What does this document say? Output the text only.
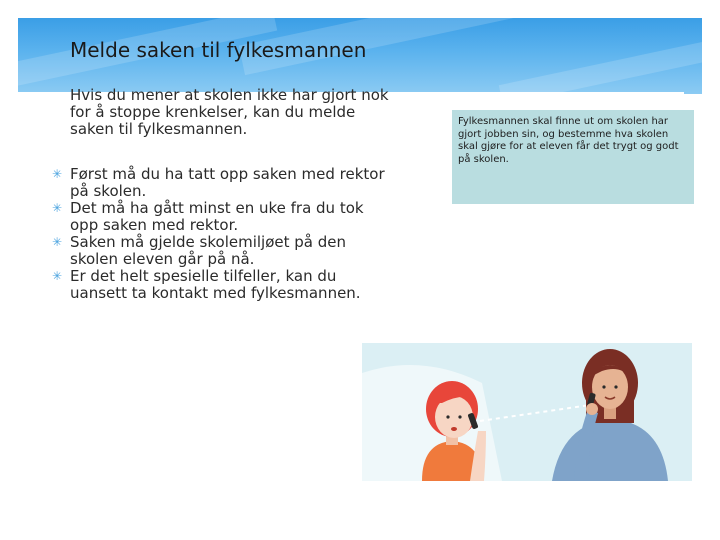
Melde saken til fylkesmannen

Hvis du mener at skolen ikke har gjort nok for å stoppe krenkelser, kan du melde saken til fylkesmannen.

✳ Først må du ha tatt opp saken med rektor på skolen.
✳ Det må ha gått minst en uke fra du tok opp saken med rektor.
✳ Saken må gjelde skolemiljøet på den skolen eleven går på nå.
✳ Er det helt spesielle tilfeller, kan du uansett ta kontakt med fylkesmannen.

Fylkesmannen skal finne ut om skolen har gjort jobben sin, og bestemme hva skolen skal gjøre for at eleven får det trygt og godt på skolen.
